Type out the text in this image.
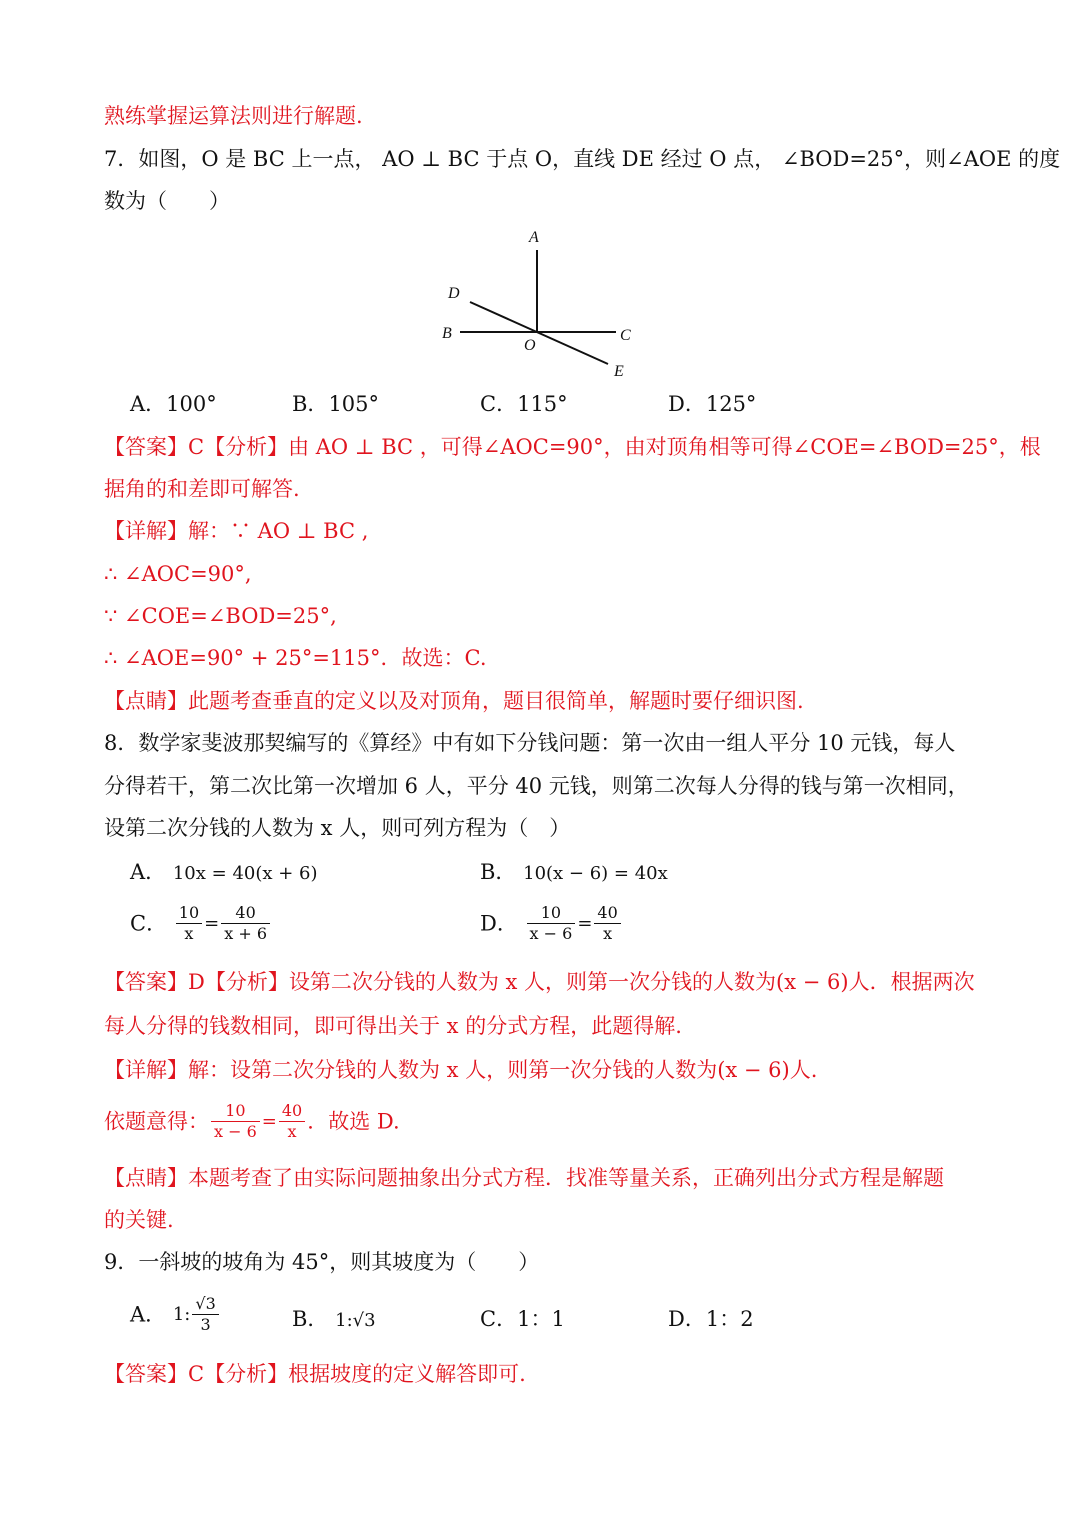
熟练掌握运算法则进行解题.
7．如图，O 是 BC 上一点， AO ⊥ BC 于点 O，直线 DE 经过 O 点， ∠BOD=25°，则∠AOE 的度
数为（　　）
A
D
B	C
O
E
A．100°	B．105°	C．115°	D．125°
【答案】C【分析】由 AO ⊥ BC ，可得∠AOC=90°，由对顶角相等可得∠COE=∠BOD=25°，根
据角的和差即可解答.
【详解】解：∵ AO ⊥ BC ,
∴ ∠AOC=90°,
∵ ∠COE=∠BOD=25°,
∴ ∠AOE=90° + 25°=115°．故选：C.
【点睛】此题考查垂直的定义以及对顶角，题目很简单，解题时要仔细识图.
8．数学家斐波那契编写的《算经》中有如下分钱问题：第一次由一组人平分 10 元钱，每人
分得若干，第二次比第一次增加 6 人，平分 40 元钱，则第二次每人分得的钱与第一次相同，
设第二次分钱的人数为 x 人，则可列方程为（　）
A． 10x = 40(x + 6)	B． 10(x − 6) = 40x
C． $\frac{10}{x} = \frac{40}{x + 6}$	D． $\frac{10}{x - 6} = \frac{40}{x}$
【答案】D【分析】设第二次分钱的人数为 x 人，则第一次分钱的人数为(x − 6)人．根据两次
每人分得的钱数相同，即可得出关于 x 的分式方程，此题得解.
【详解】解：设第二次分钱的人数为 x 人，则第一次分钱的人数为(x − 6)人.
依题意得： $\frac{10}{x - 6} = \frac{40}{x}$ ．故选 D.
【点睛】本题考查了由实际问题抽象出分式方程．找准等量关系，正确列出分式方程是解题
的关键.
9．一斜坡的坡角为 45°，则其坡度为（　　）
A． 1: $\frac{√3}{3}$	B． 1:√3	C．1：1	D．1：2
【答案】C【分析】根据坡度的定义解答即可.
